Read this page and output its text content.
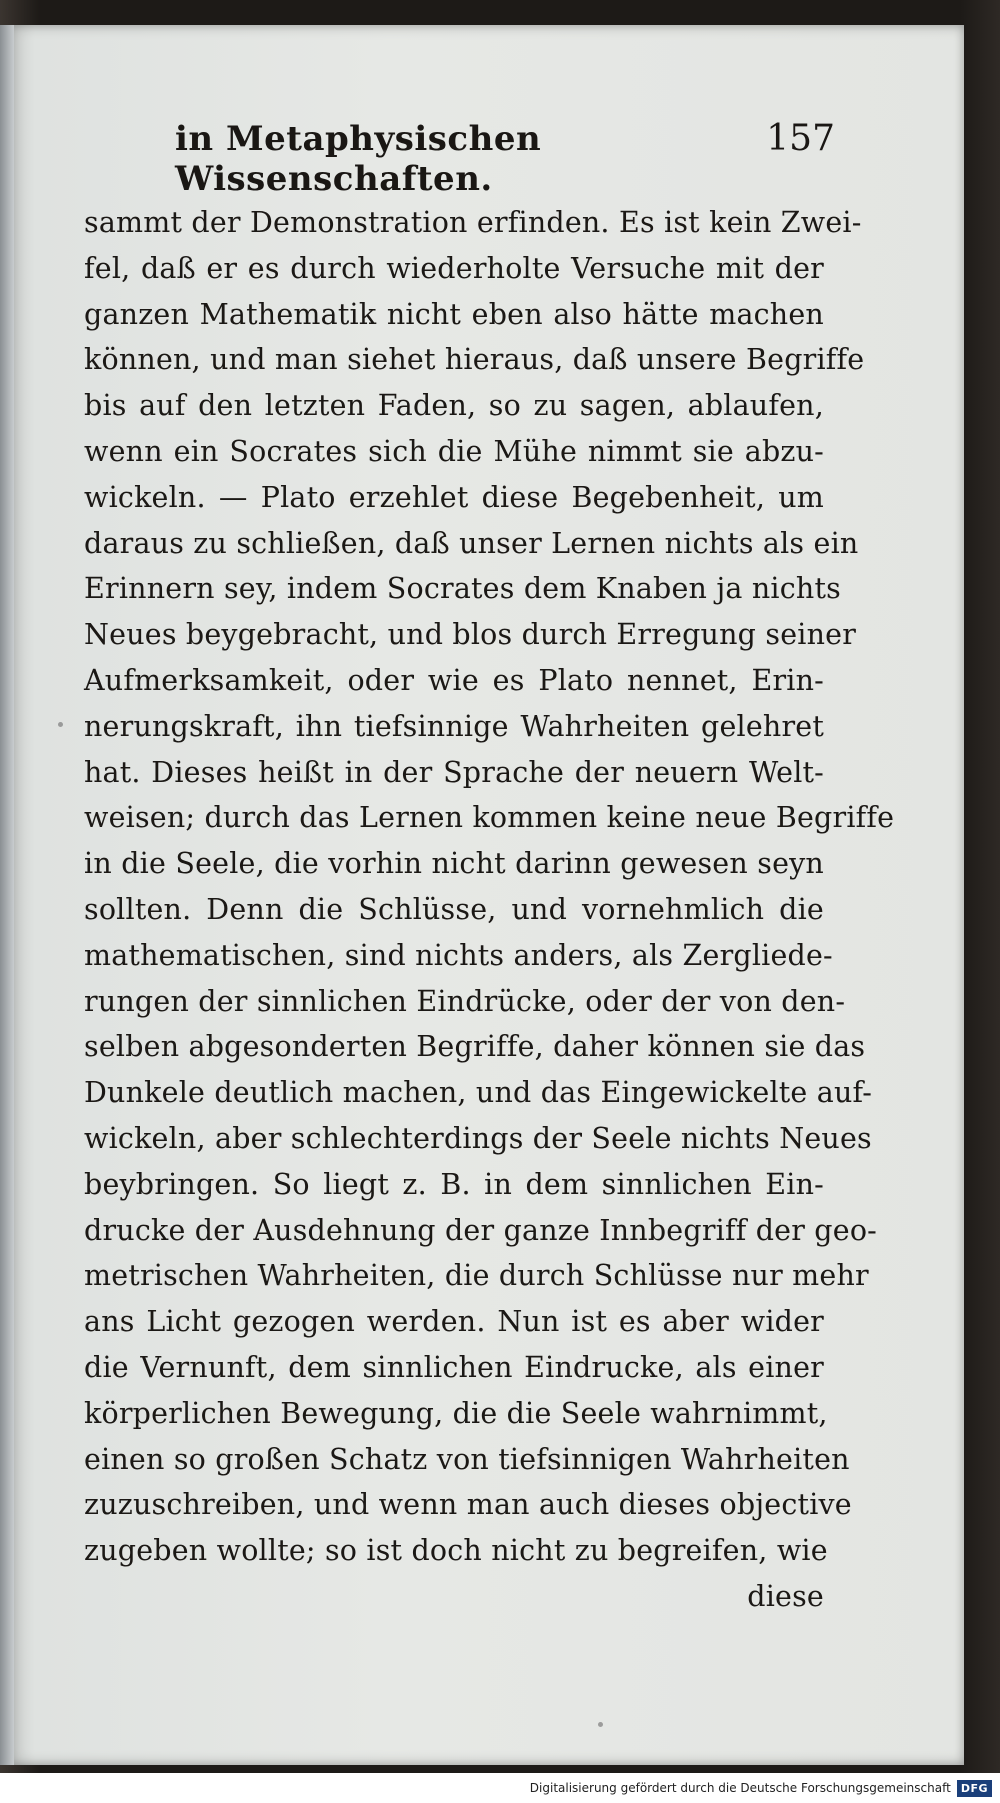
in Metaphysischen Wissenschaften.
157
sammt der Demonstration erfinden. Es ist kein Zwei-
fel, daß er es durch wiederholte Versuche mit der
ganzen Mathematik nicht eben also hätte machen
können, und man siehet hieraus, daß unsere Begriffe
bis auf den letzten Faden, so zu sagen, ablaufen,
wenn ein Socrates sich die Mühe nimmt sie abzu-
wickeln. — Plato erzehlet diese Begebenheit, um
daraus zu schließen, daß unser Lernen nichts als ein
Erinnern sey, indem Socrates dem Knaben ja nichts
Neues beygebracht, und blos durch Erregung seiner
Aufmerksamkeit, oder wie es Plato nennet, Erin-
nerungskraft, ihn tiefsinnige Wahrheiten gelehret
hat. Dieses heißt in der Sprache der neuern Welt-
weisen; durch das Lernen kommen keine neue Begriffe
in die Seele, die vorhin nicht darinn gewesen seyn
sollten. Denn die Schlüsse, und vornehmlich die
mathematischen, sind nichts anders, als Zergliede-
rungen der sinnlichen Eindrücke, oder der von den-
selben abgesonderten Begriffe, daher können sie das
Dunkele deutlich machen, und das Eingewickelte auf-
wickeln, aber schlechterdings der Seele nichts Neues
beybringen. So liegt z. B. in dem sinnlichen Ein-
drucke der Ausdehnung der ganze Innbegriff der geo-
metrischen Wahrheiten, die durch Schlüsse nur mehr
ans Licht gezogen werden. Nun ist es aber wider
die Vernunft, dem sinnlichen Eindrucke, als einer
körperlichen Bewegung, die die Seele wahrnimmt,
einen so großen Schatz von tiefsinnigen Wahrheiten
zuzuschreiben, und wenn man auch dieses objective
zugeben wollte; so ist doch nicht zu begreifen, wie
diese
Digitalisierung gefördert durch die Deutsche Forschungsgemeinschaft DFG
